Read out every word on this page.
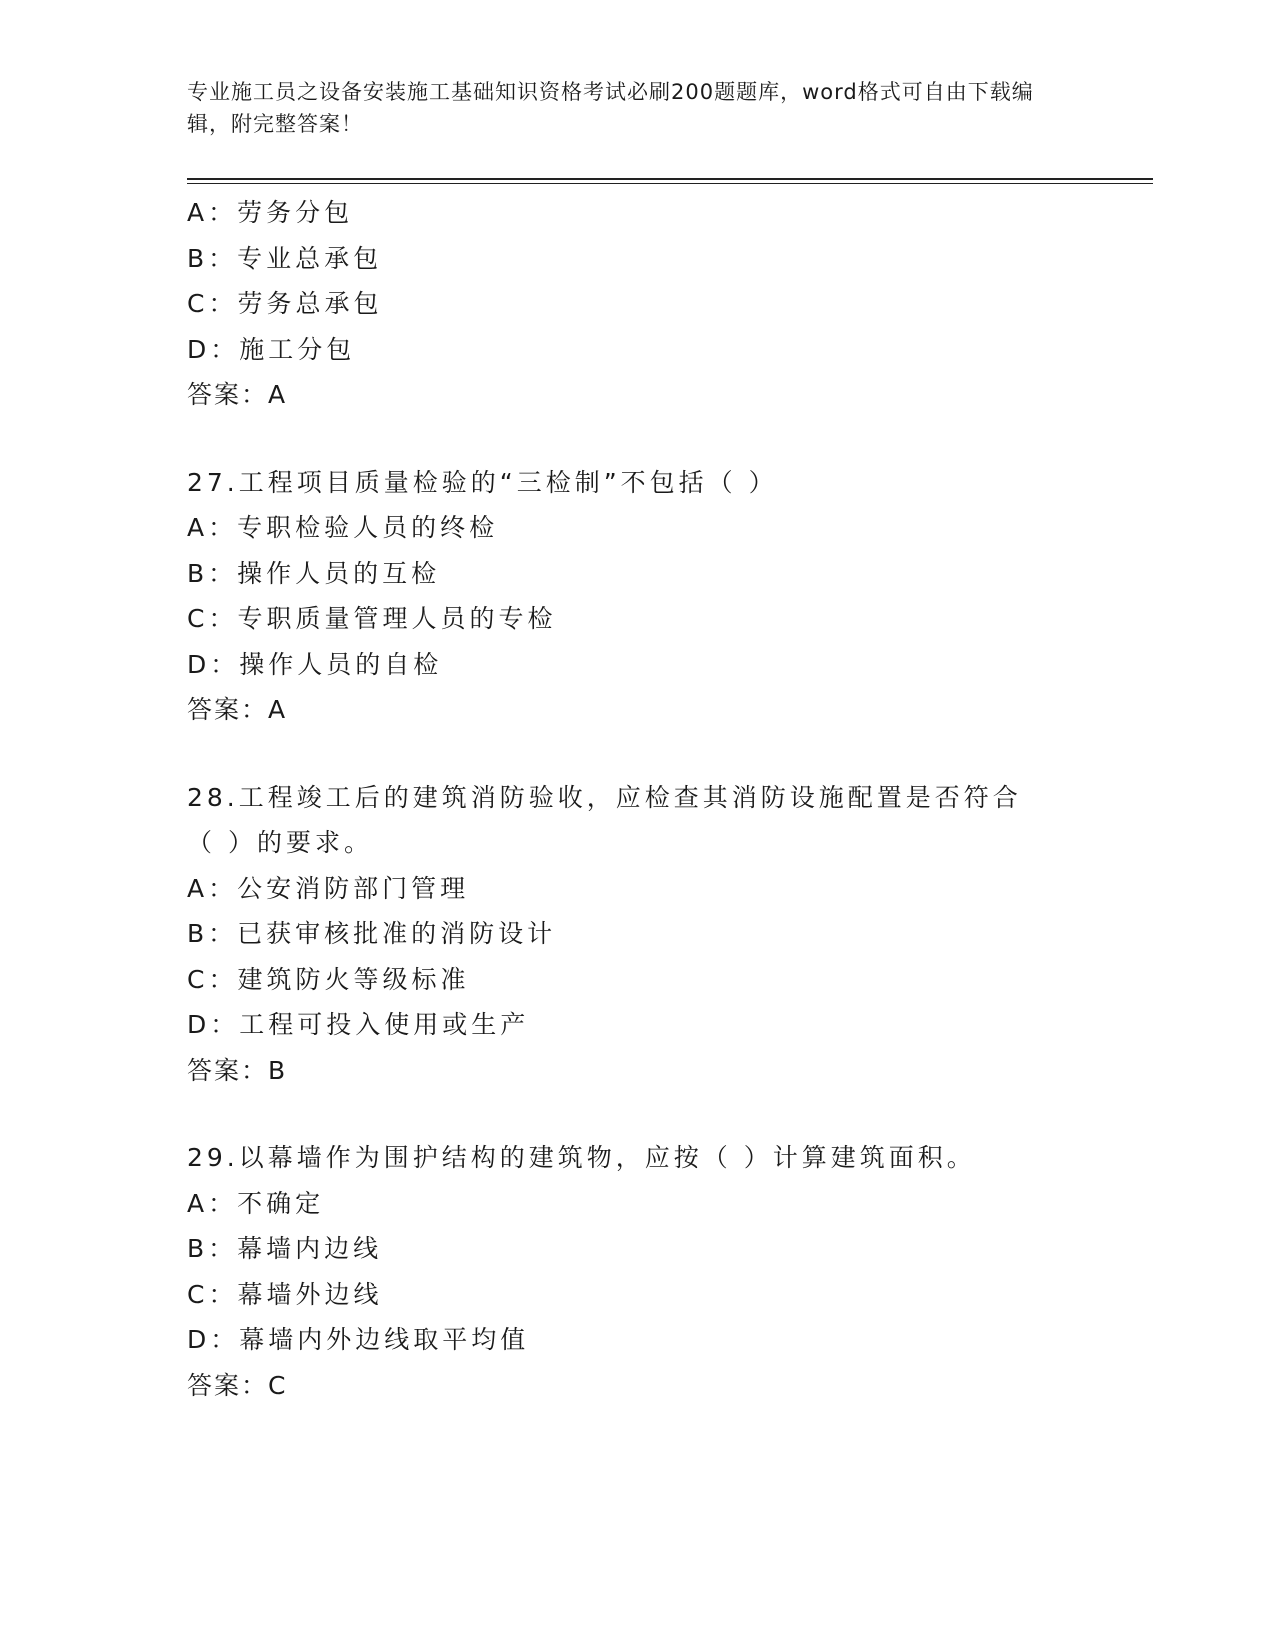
专业施工员之设备安装施工基础知识资格考试必刷200题题库，word格式可自由下载编辑，附完整答案！
A：劳务分包
B：专业总承包
C：劳务总承包
D：施工分包
答案：A
27.工程项目质量检验的“三检制”不包括（ ）
A：专职检验人员的终检
B：操作人员的互检
C：专职质量管理人员的专检
D：操作人员的自检
答案：A
28.工程竣工后的建筑消防验收，应检查其消防设施配置是否符合（ ）的要求。
A：公安消防部门管理
B：已获审核批准的消防设计
C：建筑防火等级标准
D：工程可投入使用或生产
答案：B
29.以幕墙作为围护结构的建筑物，应按（ ）计算建筑面积。
A：不确定
B：幕墙内边线
C：幕墙外边线
D：幕墙内外边线取平均值
答案：C
